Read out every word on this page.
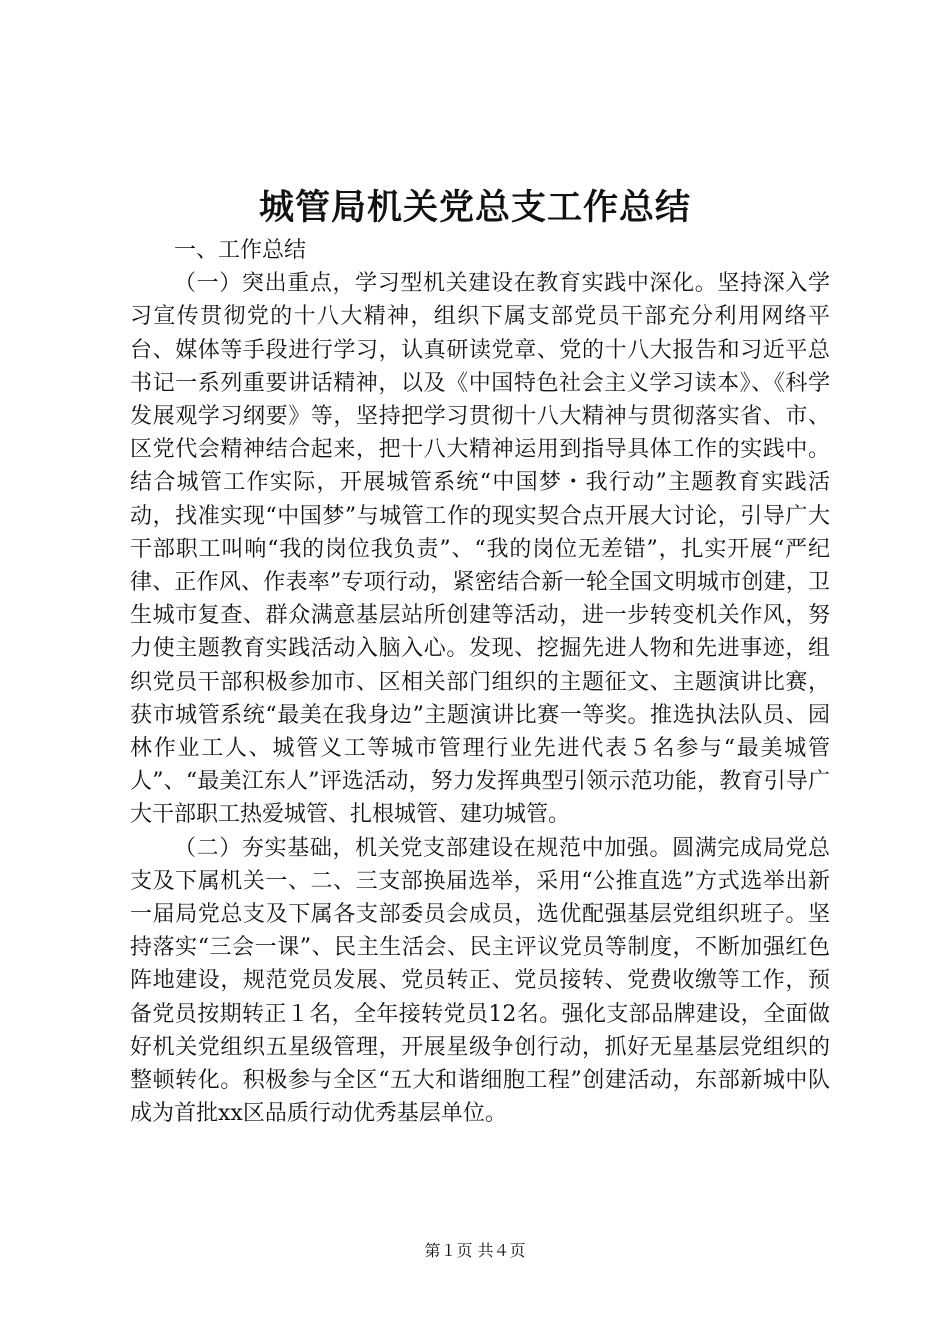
城管局机关党总支工作总结

一、工作总结

（一）突出重点，学习型机关建设在教育实践中深化。坚持深入学习宣传贯彻党的十八大精神，组织下属支部党员干部充分利用网络平台、媒体等手段进行学习，认真研读党章、党的十八大报告和习近平总书记一系列重要讲话精神，以及《中国特色社会主义学习读本》、《科学发展观学习纲要》等，坚持把学习贯彻十八大精神与贯彻落实省、市、区党代会精神结合起来，把十八大精神运用到指导具体工作的实践中。结合城管工作实际，开展城管系统“中国梦・我行动”主题教育实践活动，找准实现“中国梦”与城管工作的现实契合点开展大讨论，引导广大干部职工叫响“我的岗位我负责”、“我的岗位无差错”，扎实开展“严纪律、正作风、作表率”专项行动，紧密结合新一轮全国文明城市创建，卫生城市复查、群众满意基层站所创建等活动，进一步转变机关作风，努力使主题教育实践活动入脑入心。发现、挖掘先进人物和先进事迹，组织党员干部积极参加市、区相关部门组织的主题征文、主题演讲比赛，获市城管系统“最美在我身边”主题演讲比赛一等奖。推选执法队员、园林作业工人、城管义工等城市管理行业先进代表５名参与“最美城管人”、“最美江东人”评选活动，努力发挥典型引领示范功能，教育引导广大干部职工热爱城管、扎根城管、建功城管。

（二）夯实基础，机关党支部建设在规范中加强。圆满完成局党总支及下属机关一、二、三支部换届选举，采用“公推直选”方式选举出新一届局党总支及下属各支部委员会成员，选优配强基层党组织班子。坚持落实“三会一课”、民主生活会、民主评议党员等制度，不断加强红色阵地建设，规范党员发展、党员转正、党员接转、党费收缴等工作，预备党员按期转正１名，全年接转党员12名。强化支部品牌建设，全面做好机关党组织五星级管理，开展星级争创行动，抓好无星基层党组织的整顿转化。积极参与全区“五大和谐细胞工程”创建活动，东部新城中队成为首批xx区品质行动优秀基层单位。

第１页 共４页
